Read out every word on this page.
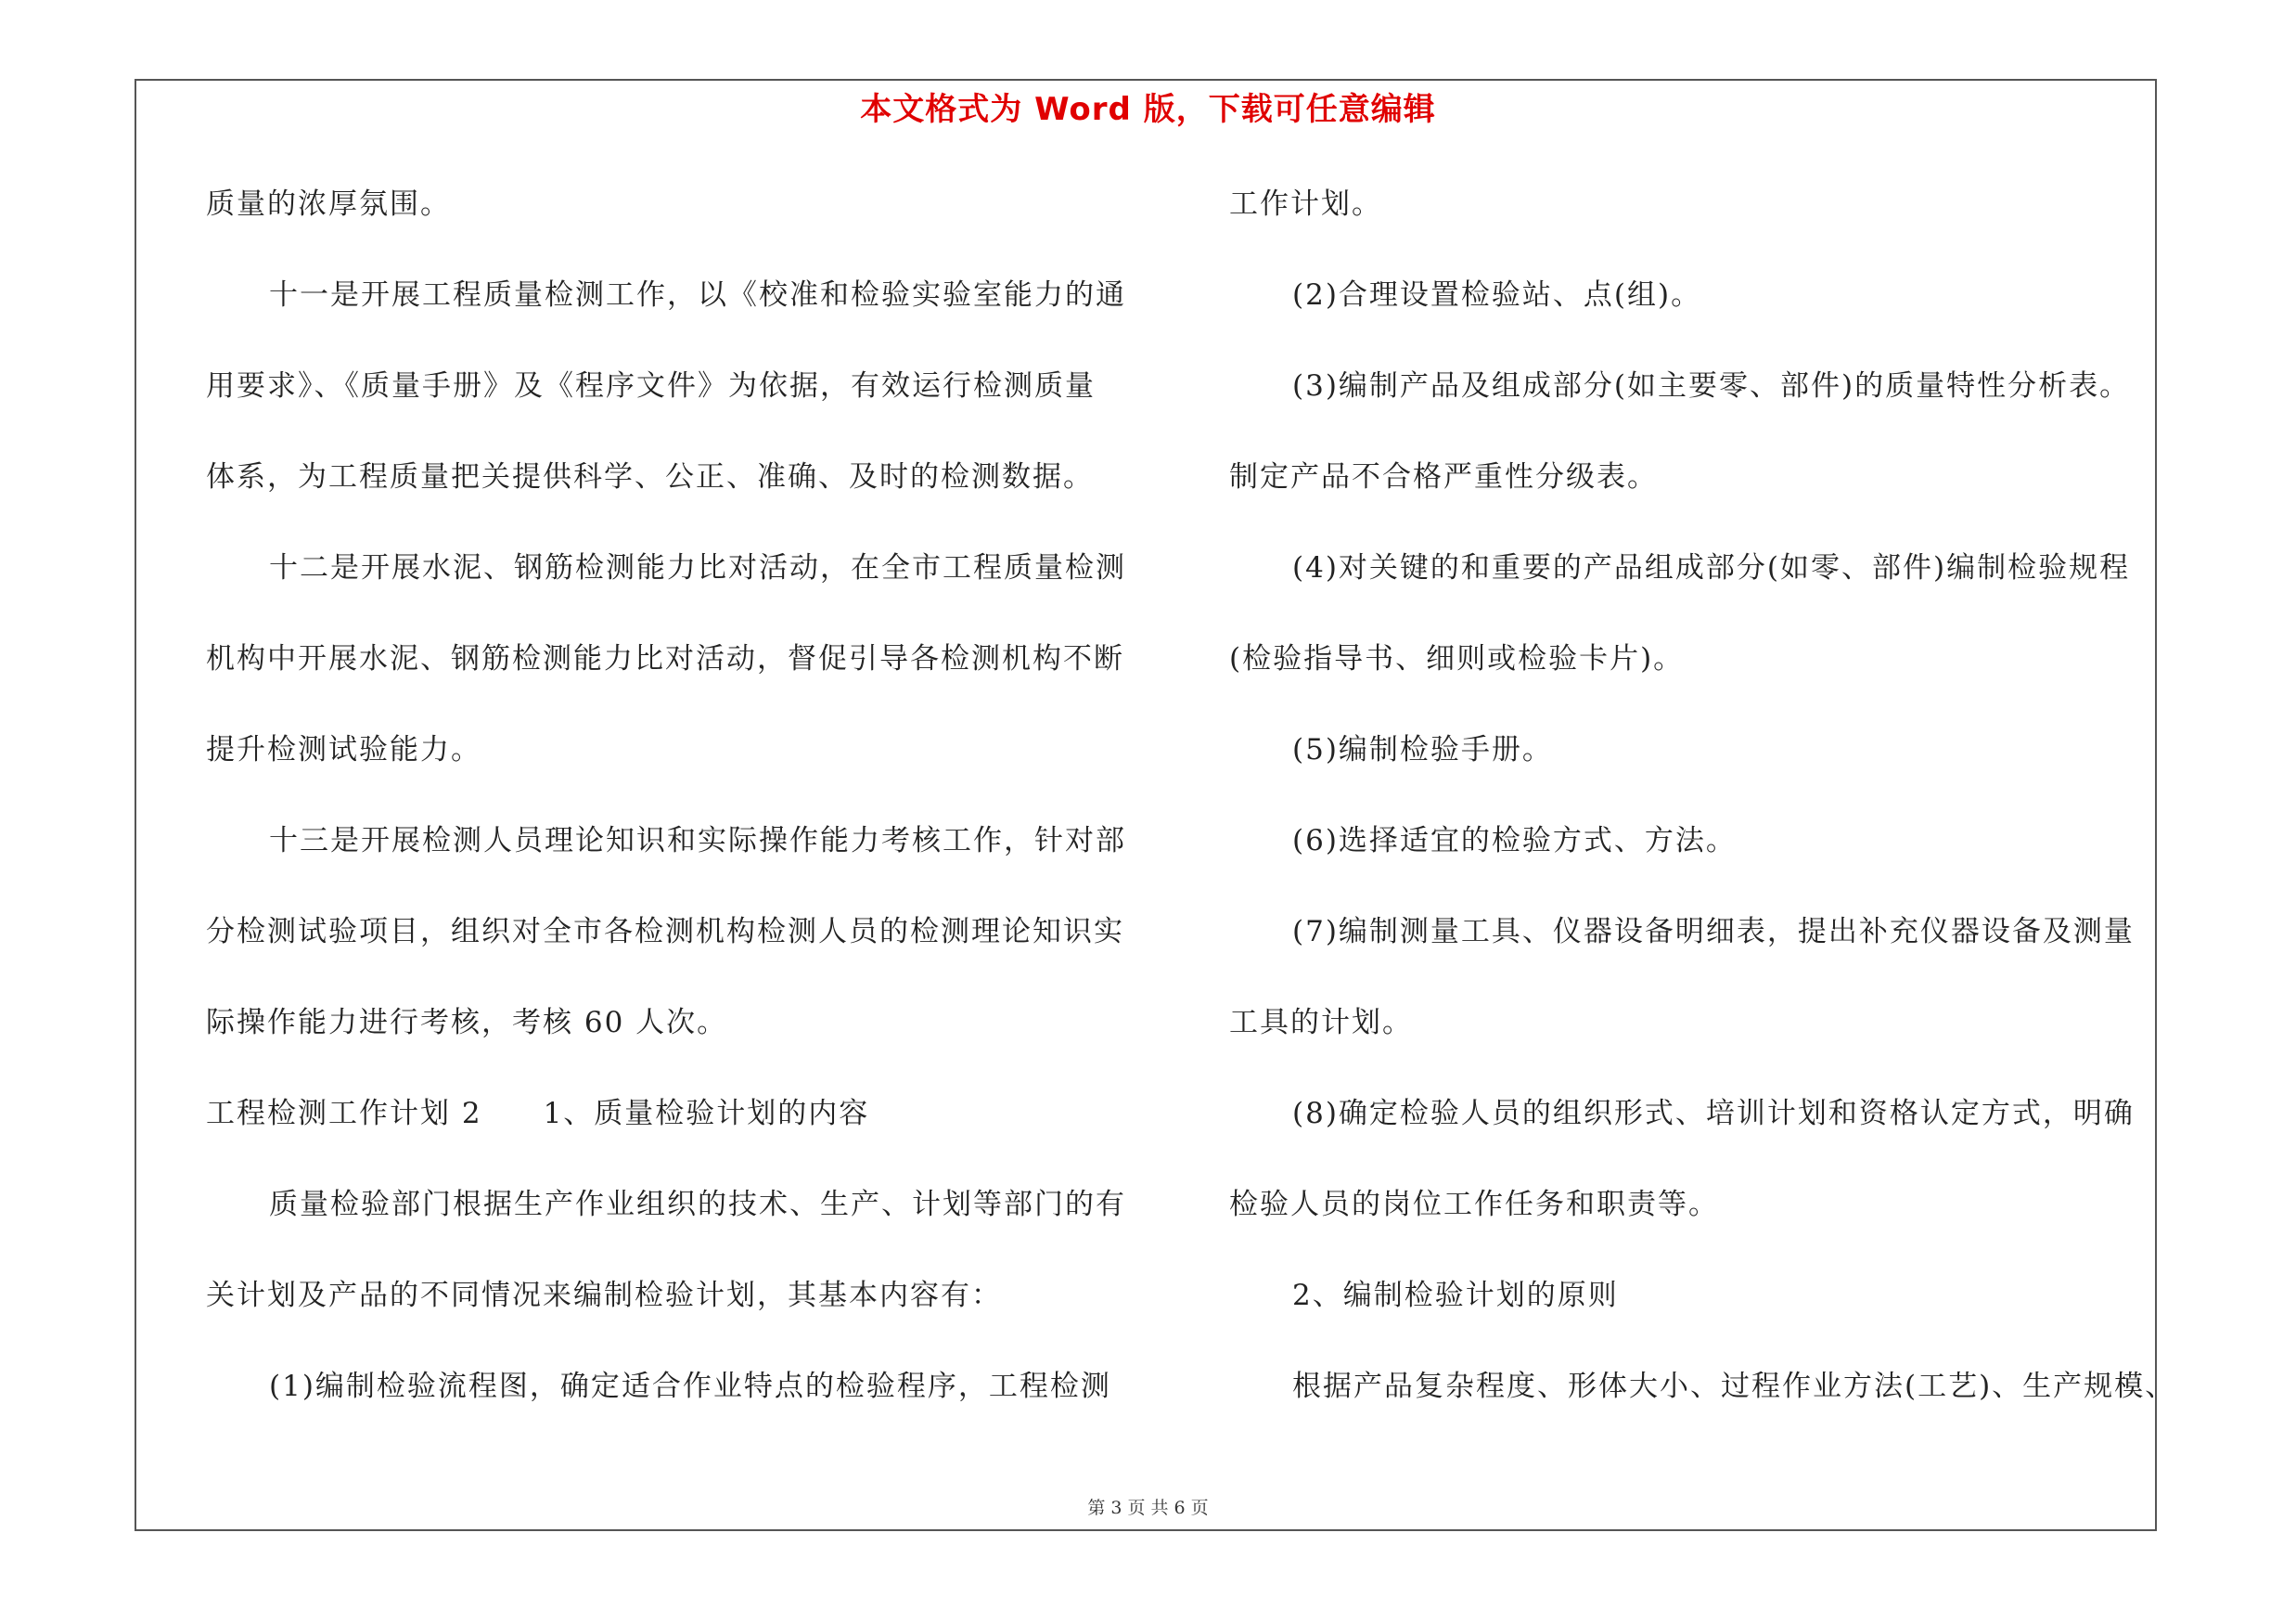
本文格式为 Word 版，下载可任意编辑
质量的浓厚氛围。
十一是开展工程质量检测工作，以《校准和检验实验室能力的通
用要求》、《质量手册》及《程序文件》为依据，有效运行检测质量
体系，为工程质量把关提供科学、公正、准确、及时的检测数据。
十二是开展水泥、钢筋检测能力比对活动，在全市工程质量检测
机构中开展水泥、钢筋检测能力比对活动，督促引导各检测机构不断
提升检测试验能力。
十三是开展检测人员理论知识和实际操作能力考核工作，针对部
分检测试验项目，组织对全市各检测机构检测人员的检测理论知识实
际操作能力进行考核，考核 60 人次。
工程检测工作计划 2　　1、质量检验计划的内容
质量检验部门根据生产作业组织的技术、生产、计划等部门的有
关计划及产品的不同情况来编制检验计划，其基本内容有：
(1)编制检验流程图，确定适合作业特点的检验程序，工程检测
工作计划。
(2)合理设置检验站、点(组)。
(3)编制产品及组成部分(如主要零、部件)的质量特性分析表。
制定产品不合格严重性分级表。
(4)对关键的和重要的产品组成部分(如零、部件)编制检验规程
(检验指导书、细则或检验卡片)。
(5)编制检验手册。
(6)选择适宜的检验方式、方法。
(7)编制测量工具、仪器设备明细表，提出补充仪器设备及测量
工具的计划。
(8)确定检验人员的组织形式、培训计划和资格认定方式，明确
检验人员的岗位工作任务和职责等。
2、编制检验计划的原则
根据产品复杂程度、形体大小、过程作业方法(工艺)、生产规模、
第 3 页 共 6 页
